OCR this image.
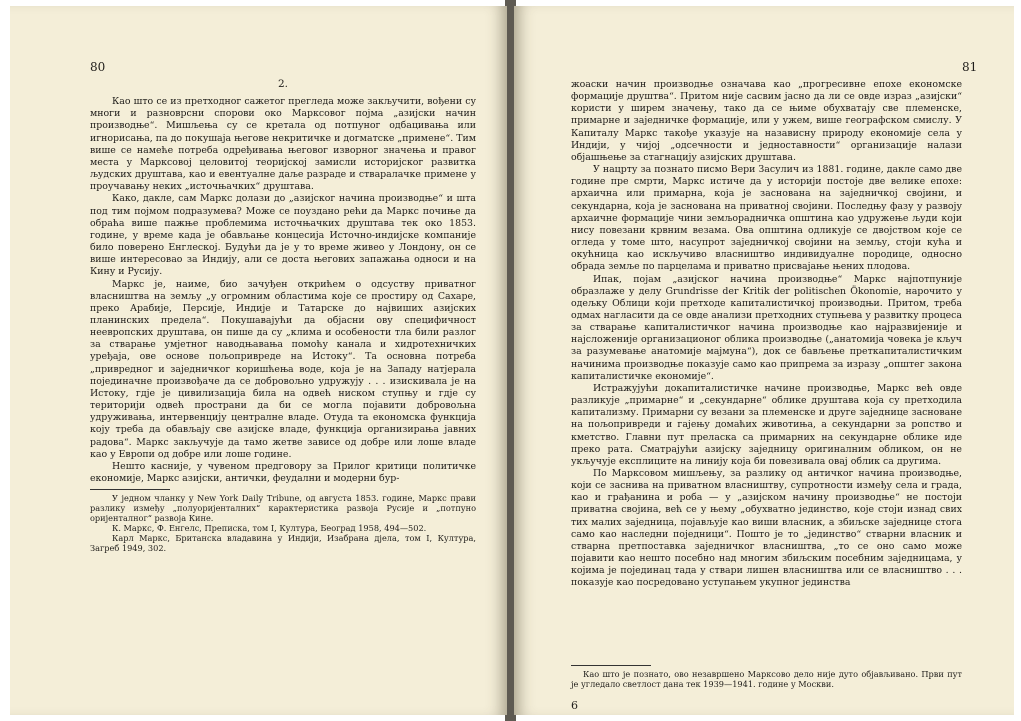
80
2.

Као што се из претходног сажетог прегледа може закључити, вођени су многи и разноврсни спорови око Марксовог појма „азијски начин производње“. Мишљења су се кретала од потпуног одбацивања или игнорисања, па до покушаја његове некритичке и догматске „примене“. Тим више се намеће потреба одређивања његовог изворног значења и правог места у Марксовој целовитој теоријској замисли историјског развитка људских друштава, као и евентуалне даље разраде и стваралачке примене у проучавању неких „источњачких“ друштава.

Како, дакле, сам Маркс долази до „азијског начина производње“ и шта под тим појмом подразумева? Може се поуздано рећи да Маркс почиње да обраћа више пажње проблемима источњачких друштава тек око 1853. године, у време када је обављање концесија Источно-индијске компаније било поверено Енглеској. Будући да је у то време живео у Лондону, он се више интересовао за Индију, али се доста његових запажања односи и на Кину и Русију.

Маркс је, наиме, био зачуђен открићем о одсуству приватног власништва на земљу „у огромним областима које се простиру од Сахаре, преко Арабије, Персије, Индије и Татарске до највиших азијских планинских предела“. Покушавајући да објасни ову специфичност неевропских друштава, он пише да су „клима и особености тла били разлог за стварање умјетног наводњавања помоћу канала и хидротехничких уређаја, ове основе пољопривреде на Истоку“. Та основна потреба „привредног и заједничког коришћења воде, која је на Западу натјерала појединачне произвођаче да се добровољно удружују . . . изискивала је на Истоку, гдје је цивилизација била на одвећ ниском ступњу и гдје су територији одвећ пространи да би се могла појавити добровољна удруживања, интервенцију централне владе. Отуда та економска функција коју треба да обављају све азијске владе, функција организирања јавних радова“. Маркс закључује да тамо жетве зависе од добре или лоше владе као у Европи од добре или лоше године.

Нешто касније, у чувеном предговору за Прилог критици политичке економије, Маркс азијски, антички, феудални и модерни бур-

У једном чланку у New York Daily Tribune, од августа 1853. године, Маркс прави разлику између „полуоријенталних“ карактеристика развоја Русије и „потпуно оријенталног“ развоја Кине.

К. Маркс, Ф. Енгелс, Преписка, том I, Култура, Београд 1958, 494—502.

Карл Маркс, Британска владавина у Индији, Изабрана дјела, том I, Култура, Загреб 1949, 302.

81

жоаски начин производње означава као „прогресивне епохе економске формације друштва“. Притом није сасвим јасно да ли се овде израз „азијски“ користи у ширем значењу, тако да се њиме обухватају све племенске, примарне и заједничке формације, или у ужем, више географском смислу. У Капиталу Маркс такође указује на назависну природу економије села у Индији, у чијој „одсечности и једноставности“ организације налази објашњење за стагнацију азијских друштава.

У нацрту за познато писмо Вери Засулич из 1881. године, дакле само две године пре смрти, Маркс истиче да у историји постоје две велике епохе: архаична или примарна, која је заснована на заједничкој својини, и секундарна, која је заснована на приватној својини. Последњу фазу у развоју архаичне формације чини земљорадничка општина као удружење људи који нису повезани крвним везама. Ова општина одликује се двојством које се огледа у томе што, насупрот заједничкој својини на земљу, стоји кућа и окућница као искључиво власништво индивидуалне породице, односно обрада земље по парцелама и приватно присвајање њених плодова.

Ипак, појам „азијског начина производње“ Маркс најпотпуније образлаже у делу Grundrisse der Kritik der politischen Ökonomie, нарочито у одељку Облици који претходе капиталистичкој производњи. Притом, треба одмах нагласити да се овде анализи претходних ступњева у развитку процеса за стварање капиталистичког начина производње као најразвијеније и најсложеније организационог облика производње („анатомија човека је кључ за разумевање анатомије мајмуна“), док се бављење преткапиталистичким начинима производње показује само као припрема за изразу „општег закона капиталистичке економије“.

Истражујући докапиталистичке начине производње, Маркс већ овде разликује „примарне“ и „секундарне“ облике друштава која су претходила капитализму. Примарни су везани за племенске и друге заједнице засноване на пољопривреди и гајењу домаћих животиња, а секундарни за ропство и кметство. Главни пут преласка са примарних на секундарне облике иде преко рата. Сматрајући азијску заједницу оригиналним обликом, он не укључује експлиците на линију која би повезивала овај облик са другима.

По Марксовом мишљењу, за разлику од античког начина производње, који се заснива на приватном власништву, супротности између села и града, као и грађанина и роба — у „азијском начину производње“ не постоји приватна својина, већ се у њему „обухватно јединство, које стоји изнад свих тих малих заједница, појављује као виши власник, а збиљске заједнице стога само као наследни поједници“. Пошто је то „јединство“ стварни власник и стварна претпоставка заједничког власништва, „то се оно само може појавити као нешто посебно над многим збиљским посебним заједницама, у којима је појединац тада у ствари лишен власништва или се власништво . . . показује као посредовано уступањем укупног јединства

Као што је познато, ово незавршено Марксово дело није дуто објављивано. Први пут је угледало светлост дана тек 1939—1941. године у Москви.

6
